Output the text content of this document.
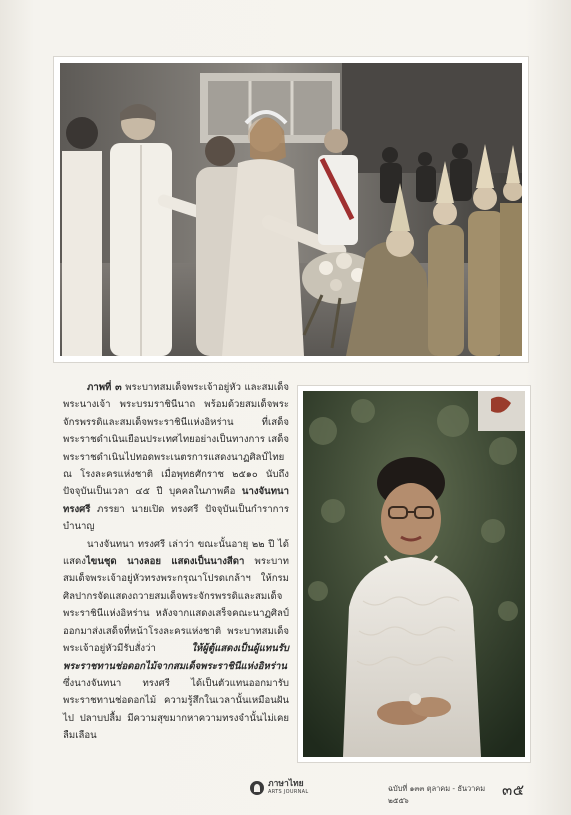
ภาพที่ ๓ พระบาทสมเด็จพระเจ้าอยู่หัว และสมเด็จพระนางเจ้า พระบรมราชินีนาถ พร้อมด้วยสมเด็จพระจักรพรรดิและสมเด็จพระราชินีแห่งอิหร่าน ที่เสด็จพระราชดำเนินเยือนประเทศไทยอย่างเป็นทางการ เสด็จพระราชดำเนินไปทอดพระเนตรการแสดงนาฏศิลป์ไทย ณ โรงละครแห่งชาติ เมื่อพุทธศักราช ๒๕๑๐ นับถึงปัจจุบันเป็นเวลา ๔๕ ปี บุคคลในภาพคือ นางจันทนา ทรงศรี ภรรยา นายเปิด ทรงศรี ปัจจุบันเป็นกำราการบำนาญ

นางจันทนา ทรงศรี เล่าว่า ขณะนั้นอายุ ๒๒ ปี ได้แสดงไขนชุด นางลอย แสดงเป็นนางสีดา พระบาทสมเด็จพระเจ้าอยู่หัวทรงพระกรุณาโปรดเกล้าฯ ให้กรมศิลปากรจัดแสดงถวายสมเด็จพระจักรพรรดิและสมเด็จพระราชินีแห่งอิหร่าน หลังจากแสดงเสร็จคณะนาฏศิลป์ออกมาส่งเสด็จที่หน้าโรงละครแห่งชาติ พระบาทสมเด็จพระเจ้าอยู่หัวมีรับสั่งว่า ให้ผู้ตู้แสดงเป็นผู้แทนรับพระราชทานช่อดอกไม้จากสมเด็จพระราชินีแห่งอิหร่าน ซึ่งนางจันทนา ทรงศรี ได้เป็นตัวแทนออกมารับพระราชทานช่อดอกไม้ ความรู้สึกในเวลานั้นเหมือนฝันไป ปลาบปลื้ม มีความสุขมากหาความทรงจำนั้นไม่เคยลืมเลือน

ภาษาไทย
ARTS JOURNAL	ฉบับที่ ๑๓๓ ตุลาคม - ธันวาคม ๒๕๕๖
๓๕
